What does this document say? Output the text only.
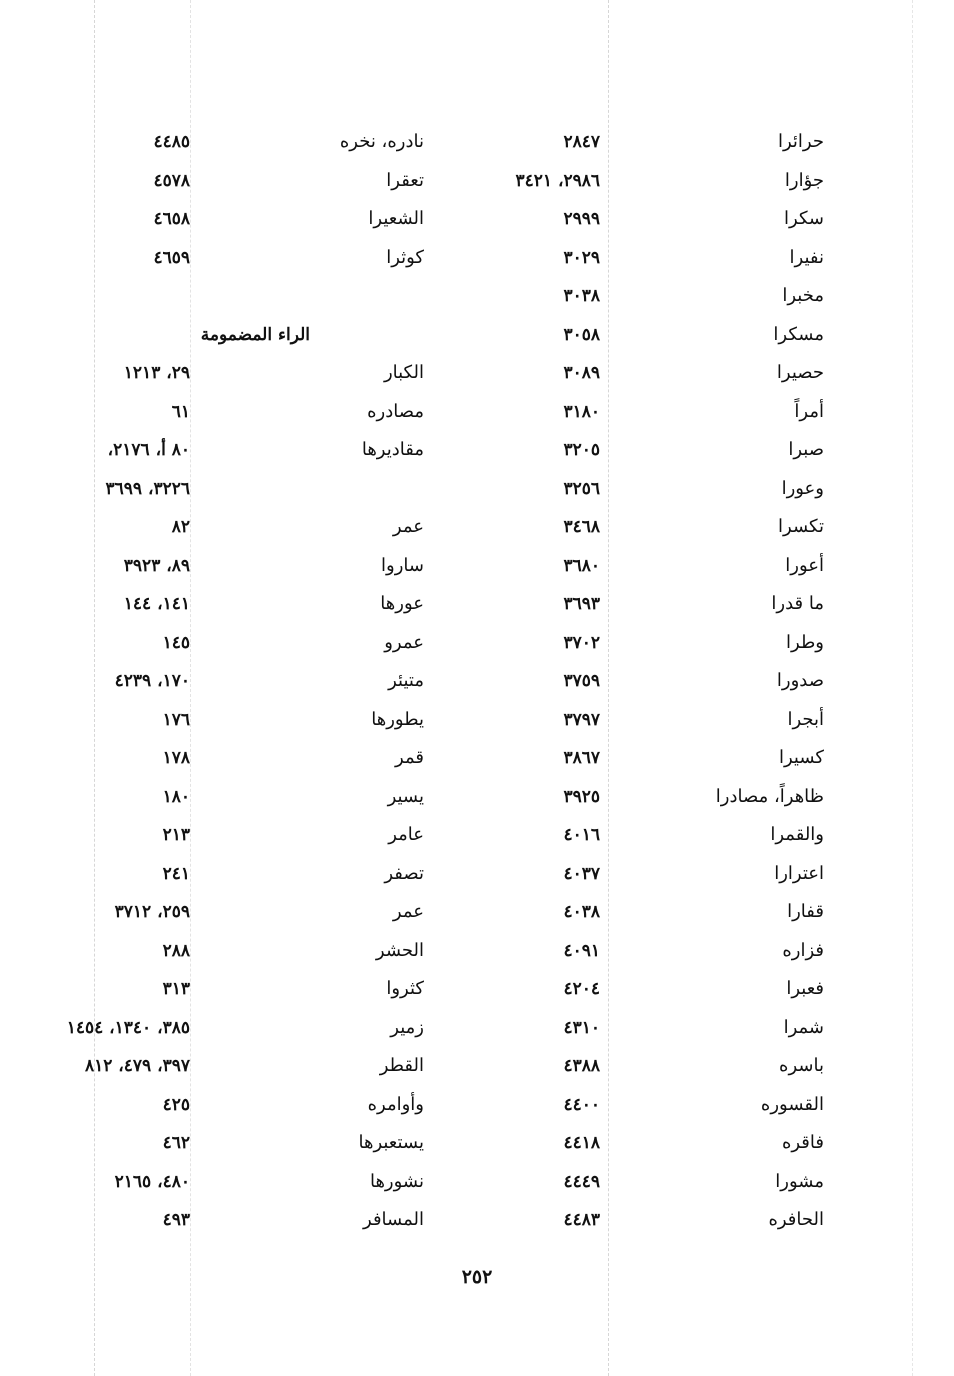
حرائرا
٢٨٤٧
نادره، نخره
٤٤٨٥
جؤارا
٢٩٨٦، ٣٤٢١
تعقرا
٤٥٧٨
سكرا
٢٩٩٩
الشعيرا
٤٦٥٨
نفيرا
٣٠٢٩
كوثرا
٤٦٥٩
مخبرا
٣٠٣٨
مسكرا
٣٠٥٨
الراء المضمومة
حصيرا
٣٠٨٩
الكبار
٢٩، ١٢١٣
أمراً
٣١٨٠
مصادره
٦١
صبرا
٣٢٠٥
مقاديرها
٨٠ أ، ٢١٧٦،
وعورا
٣٢٥٦
٣٢٢٦، ٣٦٩٩
تكسرا
٣٤٦٨
عمر
٨٢
أعورا
٣٦٨٠
ساروا
٨٩، ٣٩٢٣
ما قدرا
٣٦٩٣
عورها
١٤١، ١٤٤
وطرا
٣٧٠٢
عمرو
١٤٥
صدورا
٣٧٥٩
متيئر
١٧٠، ٤٢٣٩
أبجرا
٣٧٩٧
يطورها
١٧٦
كسيرا
٣٨٦٧
قمر
١٧٨
ظاهراً، مصادرا
٣٩٢٥
يسير
١٨٠
والقمرا
٤٠١٦
عامر
٢١٣
اعترارا
٤٠٣٧
تصفر
٢٤١
قفارا
٤٠٣٨
عمر
٢٥٩، ٣٧١٢
فزاره
٤٠٩١
الحشر
٢٨٨
فعبرا
٤٢٠٤
كثروا
٣١٣
شمرا
٤٣١٠
زمير
٣٨٥، ١٣٤٠، ١٤٥٤
باسره
٤٣٨٨
القطر
٣٩٧، ٤٧٩، ٨١٢
القسوره
٤٤٠٠
وأوامره
٤٢٥
فاقره
٤٤١٨
يستعبرها
٤٦٢
مشورا
٤٤٤٩
نشورها
٤٨٠، ٢١٦٥
الحافره
٤٤٨٣
المسافر
٤٩٣
٢٥٢
